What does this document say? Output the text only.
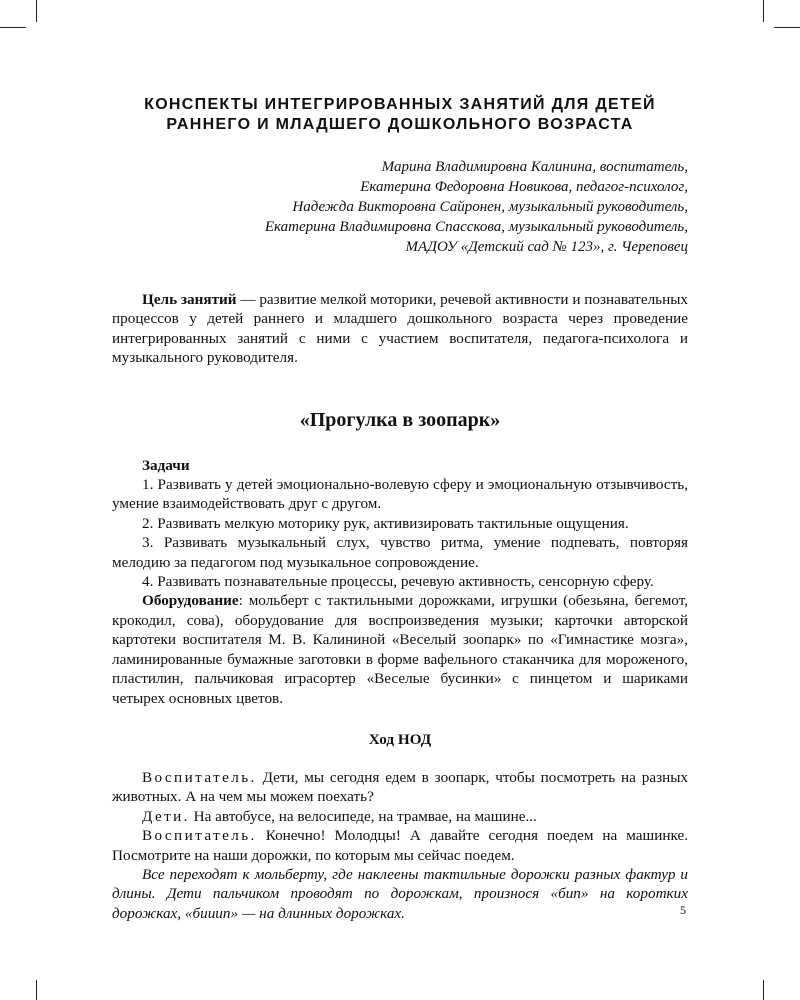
КОНСПЕКТЫ ИНТЕГРИРОВАННЫХ ЗАНЯТИЙ ДЛЯ ДЕТЕЙ
РАННЕГО И МЛАДШЕГО ДОШКОЛЬНОГО ВОЗРАСТА
Марина Владимировна Калинина, воспитатель,
Екатерина Федоровна Новикова, педагог-психолог,
Надежда Викторовна Сайронен, музыкальный руководитель,
Екатерина Владимировна Спасскова, музыкальный руководитель,
МАДОУ «Детский сад № 123», г. Череповец

Цель занятий — развитие мелкой моторики, речевой активности и познавательных процессов у детей раннего и младшего дошкольного возраста через проведение интегрированных занятий с ними с участием воспитателя, педагога-психолога и музыкального руководителя.

«Прогулка в зоопарк»
Задачи

1. Развивать у детей эмоционально-волевую сферу и эмоциональную отзывчивость, умение взаимодействовать друг с другом.

2. Развивать мелкую моторику рук, активизировать тактильные ощущения.

3. Развивать музыкальный слух, чувство ритма, умение подпевать, повторяя мелодию за педагогом под музыкальное сопровождение.

4. Развивать познавательные процессы, речевую активность, сенсорную сферу.

Оборудование: мольберт с тактильными дорожками, игрушки (обезьяна, бегемот, крокодил, сова), оборудование для воспроизведения музыки; карточки авторской картотеки воспитателя М. В. Калининой «Веселый зоопарк» по «Гимнастике мозга», ламинированные бумажные заготовки в форме вафельного стаканчика для мороженого, пластилин, пальчиковая играсортер «Веселые бусинки» с пинцетом и шариками четырех основных цветов.

Ход НОД

Воспитатель. Дети, мы сегодня едем в зоопарк, чтобы посмотреть на разных животных. А на чем мы можем поехать?

Дети. На автобусе, на велосипеде, на трамвае, на машине...

Воспитатель. Конечно! Молодцы! А давайте сегодня поедем на машинке. Посмотрите на наши дорожки, по которым мы сейчас поедем.

Все переходят к мольберту, где наклеены тактильные дорожки разных фактур и длины. Дети пальчиком проводят по дорожкам, произнося «бип» на коротких дорожках, «бииип» — на длинных дорожках.	5
